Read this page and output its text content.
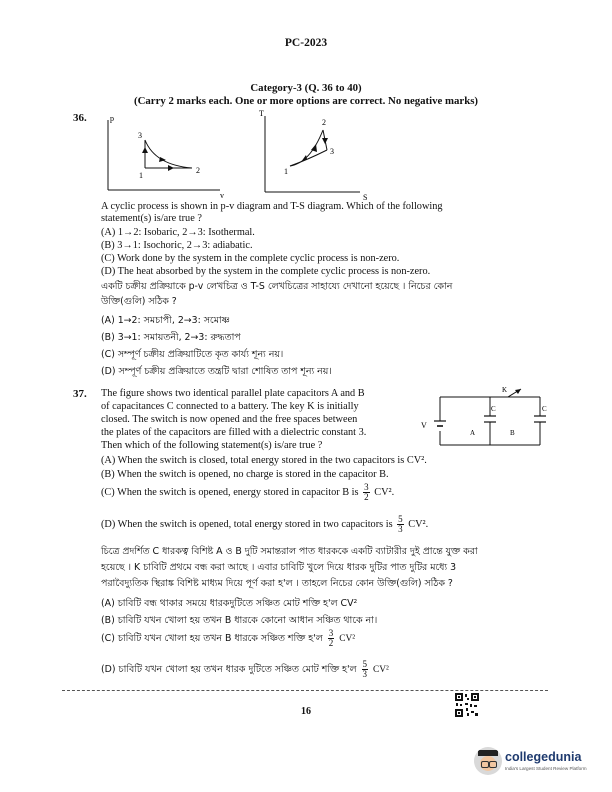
PC-2023
Category-3 (Q. 36 to 40)
(Carry 2 marks each. One or more options are correct. No negative marks)
36.	p
v
3
1
2
T
S
1
2
3
A cyclic process is shown in p-v diagram and T-S diagram. Which of the following
statement(s) is/are true ?
(A) 1→2: Isobaric, 2→3: Isothermal.
(B) 3→1: Isochoric, 2→3: adiabatic.
(C) Work done by the system in the complete cyclic process is non-zero.
(D) The heat absorbed by the system in the complete cyclic process is non-zero.
একটি চক্রীয় প্রক্রিয়াকে p-v লেখচিত্র ও T-S লেখচিত্রের সাহায্যে দেখানো হয়েছে । নিচের কোন
উক্তি(গুলি) সঠিক ?
(A) 1→2: সমচাপী, 2→3: সমোষ্ণ
(B) 3→1: সমায়তনী, 2→3: রুদ্ধতাপ
(C) সম্পূর্ণ চক্রীয় প্রক্রিয়াটিতে কৃত কার্য্য শূন্য নয়।
(D) সম্পূর্ণ চক্রীয় প্রক্রিয়াতে তন্ত্রটি দ্বারা শোষিত তাপ শূন্য নয়।
37. The figure shows two identical parallel plate capacitors A and B
of capacitances C connected to a battery. The key K is initially
closed. The switch is now opened and the free spaces between
the plates of the capacitors are filled with a dielectric constant 3.
Then which of the following statement(s) is/are true ?
V
C
A
C
B
K
(A) When the switch is closed, total energy stored in the two capacitors is CV².
(B) When the switch is opened, no charge is stored in the capacitor B.
(C) When the switch is opened, energy stored in capacitor B is $\frac{3}{2} CV^2$.
(D) When the switch is opened, total energy stored in two capacitors is $\frac{5}{3} CV^2$.
চিত্রে প্রদর্শিত C ধারকত্ব বিশিষ্ট A ও B দুটি সমান্তরাল পাত ধারককে একটি ব্যাটারীর দুই প্রান্তে যুক্ত করা
হয়েছে । K চাবিটি প্রথমে বন্ধ করা আছে । এবার চাবিটি খুলে দিয়ে ধারক দুটির পাত দুটির মধ্যে 3
পরাবৈদ্যুতিক স্থিরাঙ্ক বিশিষ্ট মাধ্যম দিয়ে পূর্ণ করা হ'ল । তাহলে নিচের কোন উক্তি(গুলি) সঠিক ?
(A) চাবিটি বন্ধ থাকার সময়ে ধারকদুটিতে সঞ্চিত মোট শক্তি হ'ল CV²
(B) চাবিটি যখন খোলা হয় তখন B ধারকে কোনো আধান সঞ্চিত থাকে না।
(C) চাবিটি যখন খোলা হয় তখন B ধারকে সঞ্চিত শক্তি হ'ল $\frac{3}{2} CV^2$
(D) চাবিটি যখন খোলা হয় তখন ধারক দুটিতে সঞ্চিত মোট শক্তি হ'ল $\frac{5}{3} CV^2$
16
collegedunia
India's Largest Student Review Platform
